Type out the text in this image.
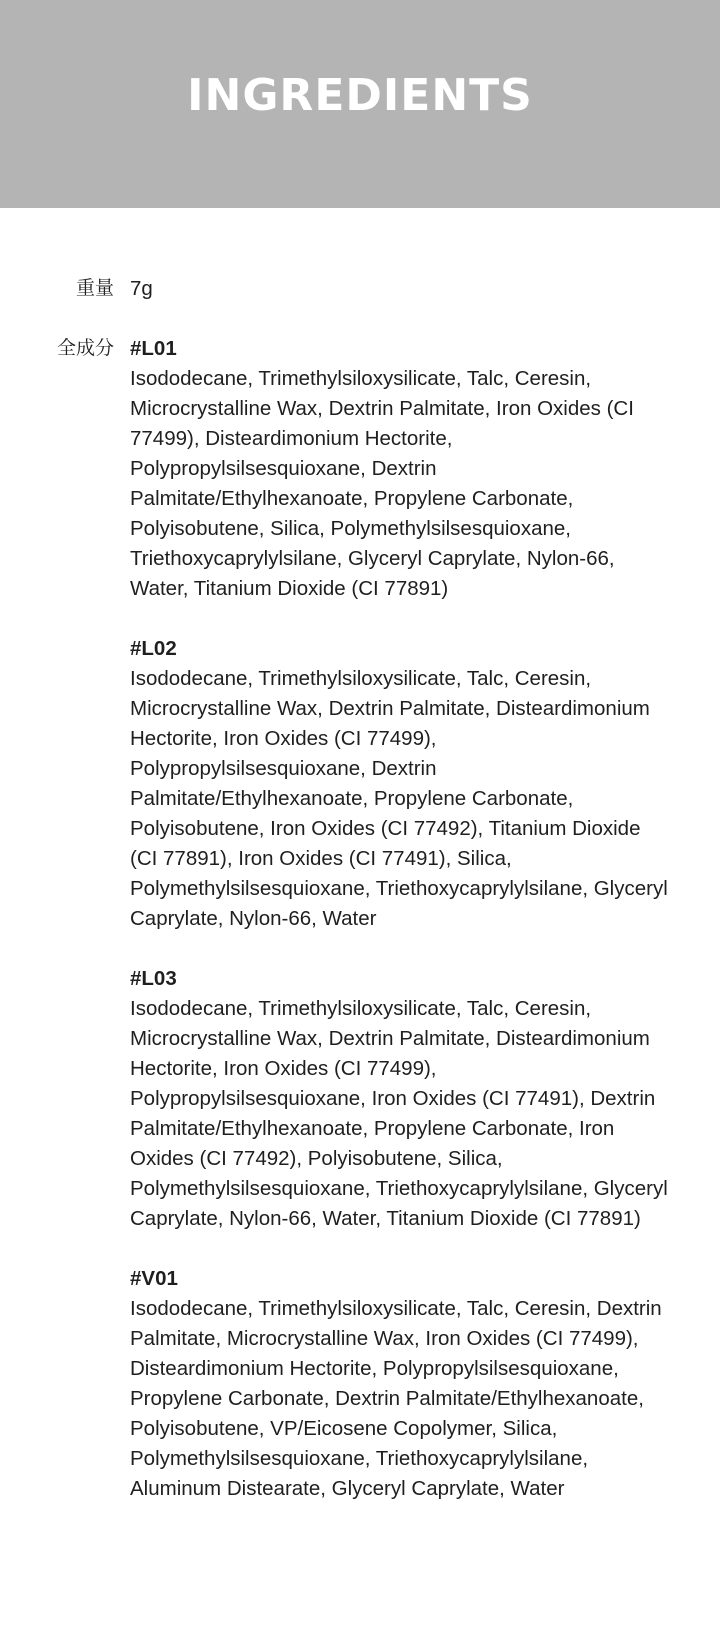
INGREDIENTS
重量 7g
全成分 #L01
Isododecane, Trimethylsiloxysilicate, Talc, Ceresin, Microcrystalline Wax, Dextrin Palmitate, Iron Oxides (CI 77499), Disteardimonium Hectorite, Polypropylsilsesquioxane, Dextrin Palmitate/Ethylhexanoate, Propylene Carbonate, Polyisobutene, Silica, Polymethylsilsesquioxane, Triethoxycaprylylsilane, Glyceryl Caprylate, Nylon-66, Water, Titanium Dioxide (CI 77891)
#L02
Isododecane, Trimethylsiloxysilicate, Talc, Ceresin, Microcrystalline Wax, Dextrin Palmitate, Disteardimonium Hectorite, Iron Oxides (CI 77499), Polypropylsilsesquioxane, Dextrin Palmitate/Ethylhexanoate, Propylene Carbonate, Polyisobutene, Iron Oxides (CI 77492), Titanium Dioxide (CI 77891), Iron Oxides (CI 77491), Silica, Polymethylsilsesquioxane, Triethoxycaprylylsilane, Glyceryl Caprylate, Nylon-66, Water
#L03
Isododecane, Trimethylsiloxysilicate, Talc, Ceresin, Microcrystalline Wax, Dextrin Palmitate, Disteardimonium Hectorite, Iron Oxides (CI 77499), Polypropylsilsesquioxane, Iron Oxides (CI 77491), Dextrin Palmitate/Ethylhexanoate, Propylene Carbonate, Iron Oxides (CI 77492), Polyisobutene, Silica, Polymethylsilsesquioxane, Triethoxycaprylylsilane, Glyceryl Caprylate, Nylon-66, Water, Titanium Dioxide (CI 77891)
#V01
Isododecane, Trimethylsiloxysilicate, Talc, Ceresin, Dextrin Palmitate, Microcrystalline Wax, Iron Oxides (CI 77499), Disteardimonium Hectorite, Polypropylsilsesquioxane, Propylene Carbonate, Dextrin Palmitate/Ethylhexanoate, Polyisobutene, VP/Eicosene Copolymer, Silica, Polymethylsilsesquioxane, Triethoxycaprylylsilane, Aluminum Distearate, Glyceryl Caprylate, Water
